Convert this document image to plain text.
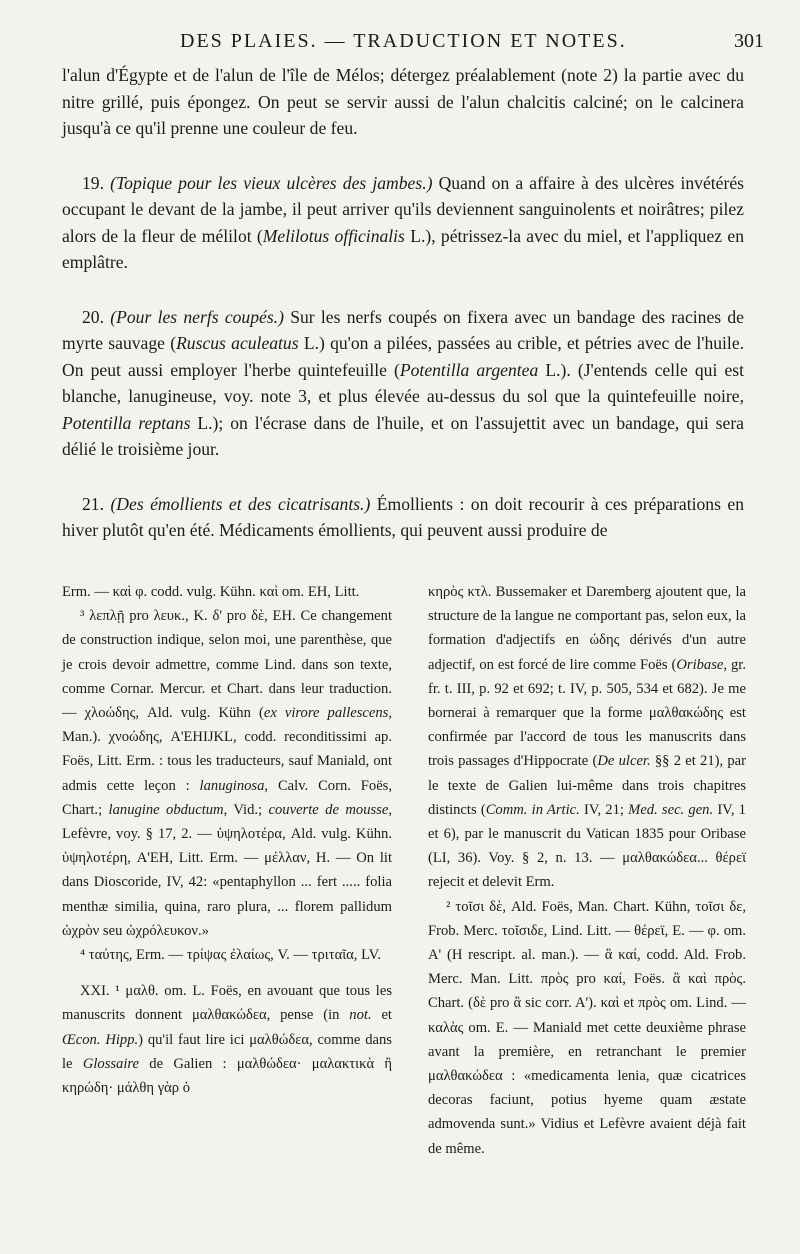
DES PLAIES. — TRADUCTION ET NOTES.	301

l'alun d'Égypte et de l'alun de l'île de Mélos; détergez préalablement (note 2) la partie avec du nitre grillé, puis épongez. On peut se servir aussi de l'alun chalcitis calciné; on le calcinera jusqu'à ce qu'il prenne une couleur de feu.

19. (Topique pour les vieux ulcères des jambes.) Quand on a affaire à des ulcères invétérés occupant le devant de la jambe, il peut arriver qu'ils deviennent sanguinolents et noirâtres; pilez alors de la fleur de mélilot (Melilotus officinalis L.), pétrissez-la avec du miel, et l'appliquez en emplâtre.

20. (Pour les nerfs coupés.) Sur les nerfs coupés on fixera avec un bandage des racines de myrte sauvage (Ruscus aculeatus L.) qu'on a pilées, passées au crible, et pétries avec de l'huile. On peut aussi employer l'herbe quintefeuille (Potentilla argentea L.). (J'entends celle qui est blanche, lanugineuse, voy. note 3, et plus élevée au-dessus du sol que la quintefeuille noire, Potentilla reptans L.); on l'écrase dans de l'huile, et on l'assujettit avec un bandage, qui sera délié le troisième jour.

21. (Des émollients et des cicatrisants.) Émollients : on doit recourir à ces préparations en hiver plutôt qu'en été. Médicaments émollients, qui peuvent aussi produire de

Erm. — καὶ φ. codd. vulg. Kühn. καὶ om. EH, Litt.

³ λεπλῇ pro λευκ., K. δ' pro δὲ, EH. Ce changement de construction indique, selon moi, une parenthèse, que je crois devoir admettre, comme Lind. dans son texte, comme Cornar. Mercur. et Chart. dans leur traduction. — χλοώδης, Ald. vulg. Kühn (ex virore pallescens, Man.). χνοώδης, A'EHIJKL, codd. reconditissimi ap. Foës, Litt. Erm. : tous les traducteurs, sauf Maniald, ont admis cette leçon : lanuginosa, Calv. Corn. Foës, Chart.; lanugine obductum, Vid.; couverte de mousse, Lefèvre, voy. § 17, 2. — ὑψηλοτέρα, Ald. vulg. Kühn. ὑψηλοτέρη, A'EH, Litt. Erm. — μέλλαν, H. — On lit dans Dioscoride, IV, 42: «pentaphyllon ... fert ..... folia menthæ similia, quina, raro plura, ... florem pallidum ὠχρὸν seu ὠχρόλευκον.»

⁴ ταύτης, Erm. — τρίψας ἐλαίως, V. — τριταῖα, LV.

XXI. ¹ μαλθ. om. L. Foës, en avouant que tous les manuscrits donnent μαλθακώδεα, pense (in not. et Œcon. Hipp.) qu'il faut lire ici μαλθώδεα, comme dans le Glossaire de Galien : μαλθώδεα· μαλακτικὰ ἢ κηρώδη· μάλθη γὰρ ὁ

κηρὸς κτλ. Bussemaker et Daremberg ajoutent que, la structure de la langue ne comportant pas, selon eux, la formation d'adjectifs en ώδης dérivés d'un autre adjectif, on est forcé de lire comme Foës (Oribase, gr. fr. t. III, p. 92 et 692; t. IV, p. 505, 534 et 682). Je me bornerai à remarquer que la forme μαλθακώδης est confirmée par l'accord de tous les manuscrits dans trois passages d'Hippocrate (De ulcer. §§ 2 et 21), par le texte de Galien lui-même dans trois chapitres distincts (Comm. in Artic. IV, 21; Med. sec. gen. IV, 1 et 6), par le manuscrit du Vatican 1835 pour Oribase (LI, 36). Voy. § 2, n. 13. — μαλθακώδεα... θέρεϊ rejecit et delevit Erm.

² τοῖσι δὲ, Ald. Foës, Man. Chart. Kühn, τοῖσι δε, Frob. Merc. τοῖσιδε, Lind. Litt. — θέρεϊ, E. — φ. om. A' (H rescript. al. man.). — ἃ καί, codd. Ald. Frob. Merc. Man. Litt. πρὸς pro καί, Foës. ἃ καὶ πρὸς. Chart. (δὲ pro ἃ sic corr. A'). καὶ et πρὸς om. Lind. — καλὰς om. E. — Maniald met cette deuxième phrase avant la première, en retranchant le premier μαλθακώδεα : «medicamenta lenia, quæ cicatrices decoras faciunt, potius hyeme quam æstate admovenda sunt.» Vidius et Lefèvre avaient déjà fait de même.
